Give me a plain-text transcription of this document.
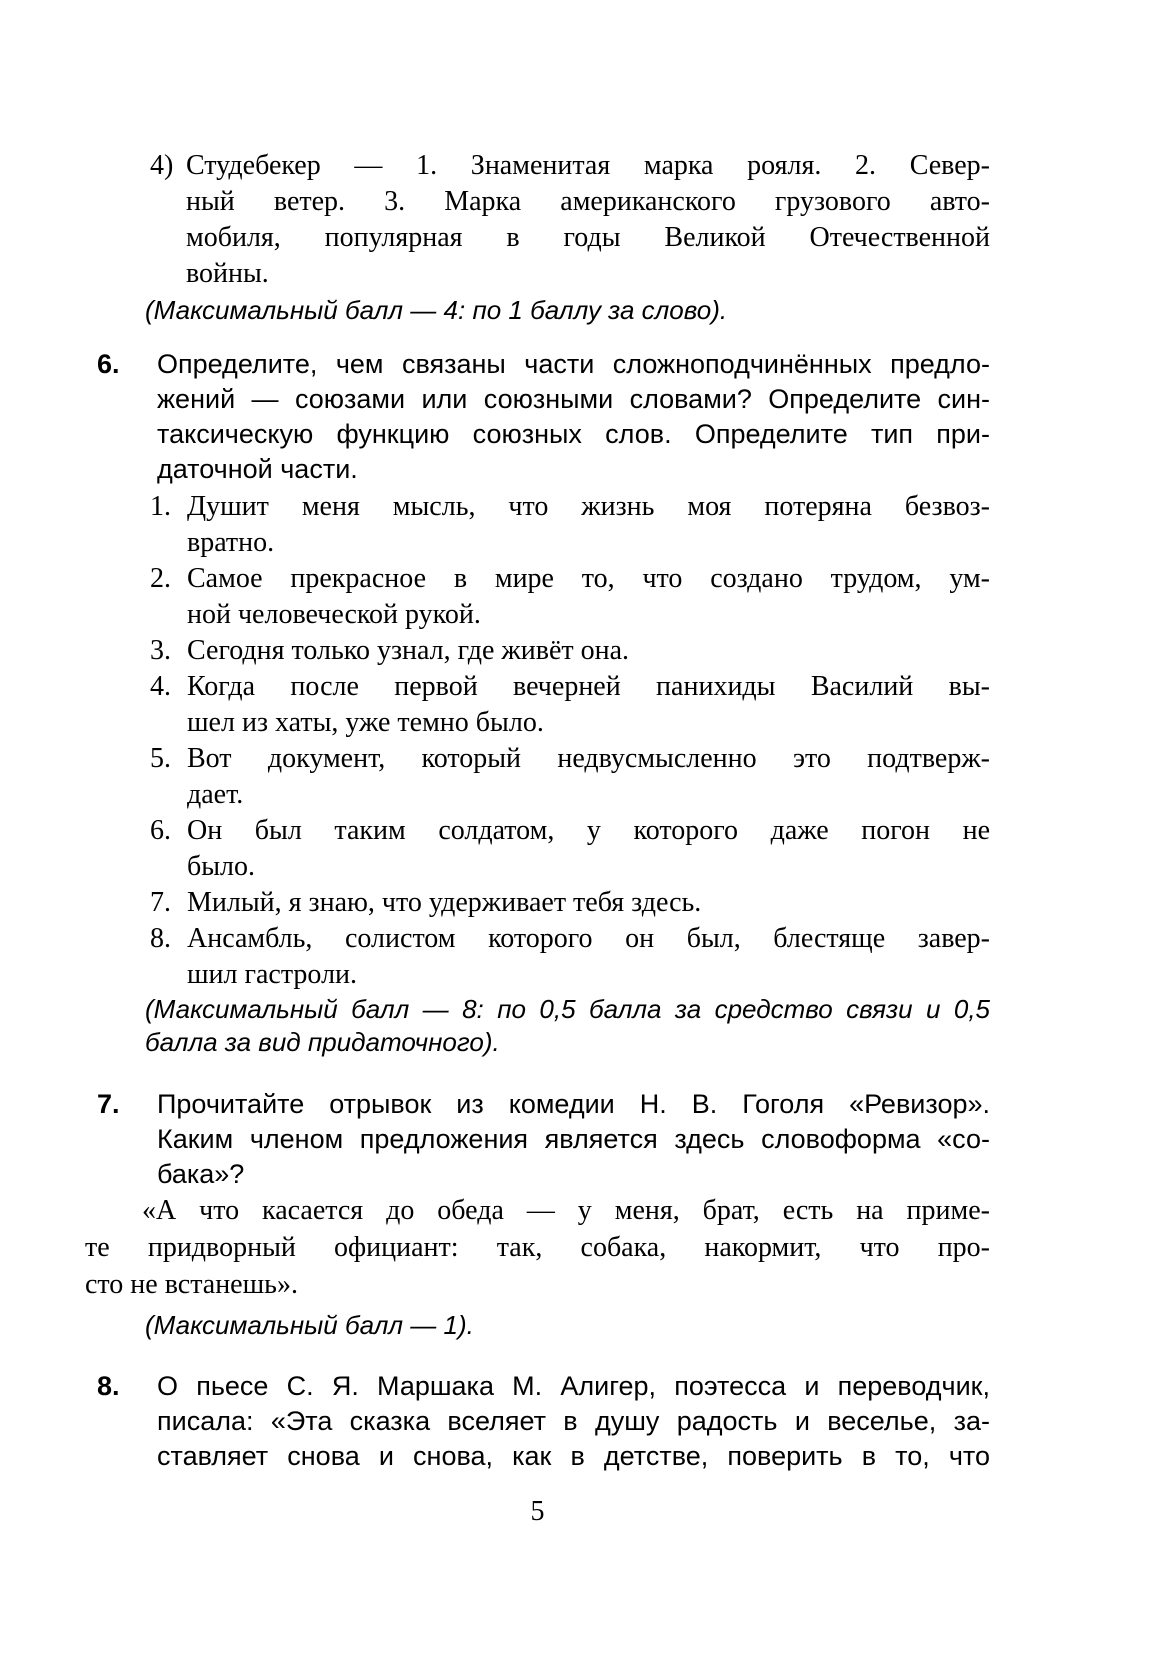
4) Студебекер — 1. Знаменитая марка рояля. 2. Север-
ный ветер. 3. Марка американского грузового авто-
мобиля, популярная в годы Великой Отечественной
войны.
(Максимальный балл — 4: по 1 баллу за слово).
6.	Определите, чем связаны части сложноподчинённых предло-
жений — союзами или союзными словами? Определите син-
таксическую функцию союзных слов. Определите тип при-
даточной части.
1. Душит меня мысль, что жизнь моя потеряна безвоз-
вратно.
2. Самое прекрасное в мире то, что создано трудом, ум-
ной человеческой рукой.
3. Сегодня только узнал, где живёт она.
4. Когда после первой вечерней панихиды Василий вы-
шел из хаты, уже темно было.
5. Вот документ, который недвусмысленно это подтверж-
дает.
6. Он был таким солдатом, у которого даже погон не
было.
7. Милый, я знаю, что удерживает тебя здесь.
8. Ансамбль, солистом которого он был, блестяще завер-
шил гастроли.
(Максимальный балл — 8: по 0,5 балла за средство связи и 0,5
балла за вид придаточного).
7.	Прочитайте отрывок из комедии Н. В. Гоголя «Ревизор».
Каким членом предложения является здесь словоформа «со-
бака»?
«А что касается до обеда — у меня, брат, есть на приме-
те придворный официант: так, собака, накормит, что про-
сто не встанешь».
(Максимальный балл — 1).
8.	О пьесе С. Я. Маршака М. Алигер, поэтесса и переводчик,
писала: «Эта сказка вселяет в душу радость и веселье, за-
ставляет снова и снова, как в детстве, поверить в то, что
5
